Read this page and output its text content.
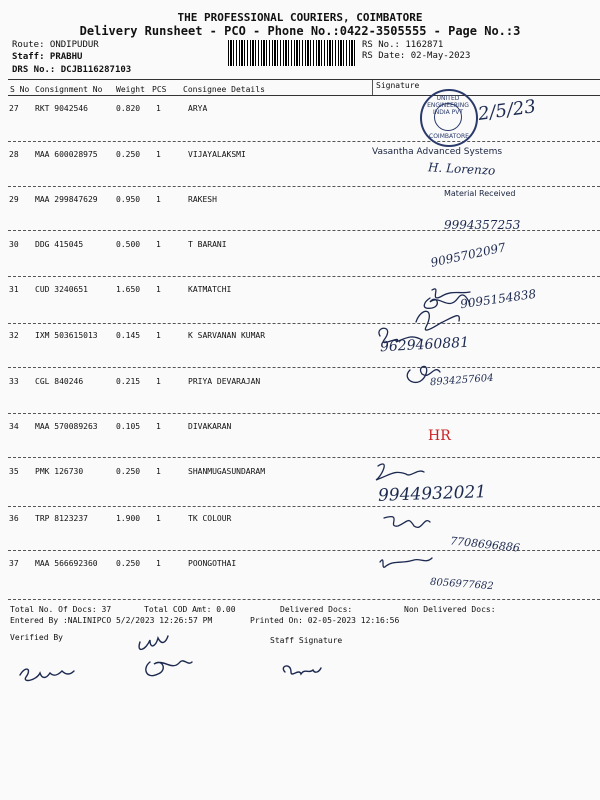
THE PROFESSIONAL COURIERS, COIMBATORE
Delivery Runsheet - PCO - Phone No.:0422-3505555 - Page No.:3
Route: ONDIPUDUR
Staff: PRABHU
DRS No.: DCJB116287103
RS No.: 1162871
RS Date: 02-May-2023
S No Consignment No Weight PCS Consignee Details	Signature
27 RKT 9042546	0.820 1	ARYA
28 MAA 600028975 0.250 1	VIJAYALAKSMI
29 MAA 299847629 0.950 1	RAKESH
30 DDG 415045	0.500 1	T BARANI
31 CUD 3240651	1.650 1	KATMATCHI
32 IXM 503615013 0.145 1	K SARVANAN KUMAR
33 CGL 840246	0.215 1	PRIYA DEVARAJAN
34 MAA 570089263 0.105 1	DIVAKARAN
35 PMK 126730	0.250 1	SHANMUGASUNDARAM
36 TRP 8123237	1.900 1	TK COLOUR
37 MAA 566692360 0.250 1	POONGOTHAI
UNITED ENGINEERING INDIA PVT
COIMBATORE
2/5/23
Vasantha Advanced Systems
H. Lorenzo
Material Received
9994357253
9095702097
9095154838
9629460881
8934257604
HR
9944932021
7708696886
8056977682
Total No. Of Docs: 37	Total COD Amt: 0.00	Delivered Docs:	Non Delivered Docs:
Entered By :NALINIPCO 5/2/2023 12:26:57 PM	Printed On: 02-05-2023 12:16:56
Verified By	Staff Signature
